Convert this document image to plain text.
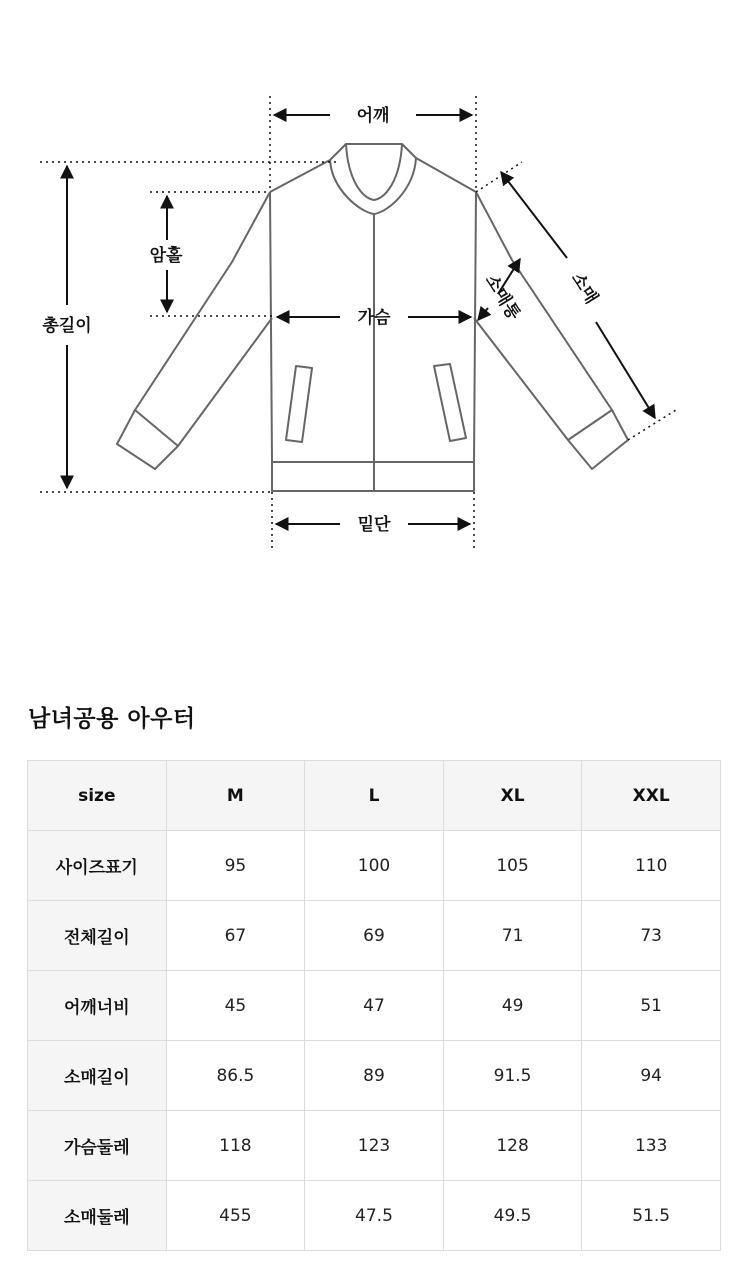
어깨
총길이
암홀
가슴
밑단
소매
소매통
남녀공용 아우터
size	M	L	XL	XXL
사이즈표기	95	100	105	110
전체길이	67	69	71	73
어깨너비	45	47	49	51
소매길이	86.5	89	91.5	94
가슴둘레	118	123	128	133
소매둘레	455	47.5	49.5	51.5
